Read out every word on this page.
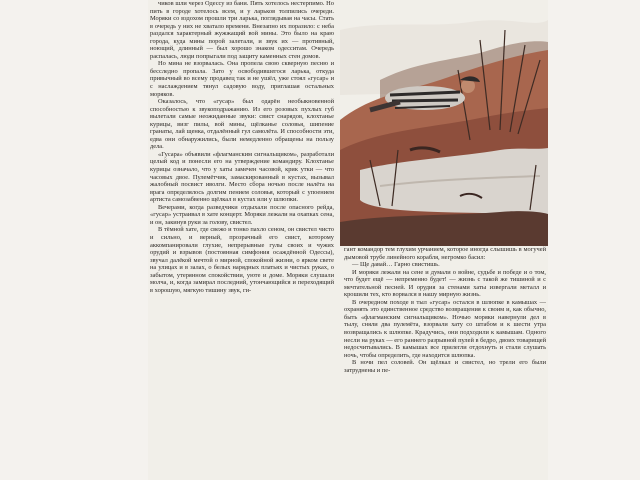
чиков шли через Одессу из бани. Пять хотелось нестерпимо. Но пить в городе хотелось всем, и у ларьков толпились очереди. Моряки со вздохом прошли три ларька, поглядывая на часы. Стать в очередь у них не хватало времени. Внезапно их поразило: с неба раздался характерный жужжащий вой мины. Это было на краю города, куда мины порой залетали, и звук их — противный, ноющий, длинный — был хорошо знаком одесситам. Очередь распалась, люди попрыгали под защиту каменных стен домов.

Но мина не взорвалась. Она пропела свою скверную песню и бесследно пропала. Зато у освободившегося ларька, откуда привычный во всему продавец так и не ушёл, уже стоял «гусар» и с наслаждением тянул садовую воду, приглашая остальных моряков.

Оказалось, что «гусар» был одарён необыкновенной способностью к звукоподражанию. Из его розовых пухлых губ вылетали самые неожиданные звуки: свист снарядов, клохтанье курицы, визг пилы, вой мины, щёлканье соловья, шипение гранаты, лай щенка, отдалённый гул самолёта. И способности эти, едва они обнаружились, были немедленно обращены на пользу дела.

«Гусара» объявили «флагманским сигнальщиком», разработали целый код и понесли его на утверждение командиру. Клохтанье курицы означало, что у хаты замечен часовой, крик утки — что часовых двое. Пулемётчик, замаскированный в кустах, вызывал жалобный посвист иволги. Место сбора ночью после налёта на врага определялось долгим пением соловья, который с упоением артиста самозабвенно щёлкал в кустах или у шлюпки.

Вечерами, когда разведчики отдыхали после опасного рейда, «гусар» устраивал в хате концерт. Моряки лежали на охапках сена, и он, закинув руки за голову, свистел.

В тёмной хате, где свежо и тонко пахло сеном, он свистел чисто и сильно, и верный, прозрачный его свист, которому аккомпанировали глухие, непрерывные гулы своих и чужих орудий и взрывов (постоянная симфония осаждённой Одессы), звучал далёкой мечтой о мирной, спокойной жизни, о ярком свете на улицах и в залах, о белых нарядных платьях и чистых руках, о забытом, утерянном спокойствии, уюте и доме. Моряки слушали молча, и, когда замирал последний, утончающийся и переходящий в хорошую, мягкую тишину звук, ги-

гант командор тем глухим урчанием, которое иногда слышишь в могучей дымовой трубе линейного корабля, негромко басил:

— Ще давай… Гарно свистишь.

И моряки лежали на сене и думали о войне, судьбе и победе и о том, что будет ещё — непременно будет! — жизнь с такой же тишиной и с мечтательной песней. И орудия за стенами хаты извергали металл и крошили тех, кто ворвался в нашу мирную жизнь.

В очередном походе в тыл «гусар» остался в шлюпке в камышах — охранять это единственное средство возвращения к своим и, как обычно, быть «флагманским сигнальщиком». Ночью моряки навернули дел в тылу, сняли два пулемёта, взорвали хату со штабом и к шести утра возвращались к шлюпке. Крадучись, они подходили к камышам. Одного несли на руках — его раннего разрывной пулей в бедро, двоих товарищей недосчитывались. В камышах все прилегли отдохнуть и стали слушать ночь, чтобы определить, где находится шлюпка.

В ночи пел соловей. Он щёлкал и свистел, но трели его были затруднены и пе-
